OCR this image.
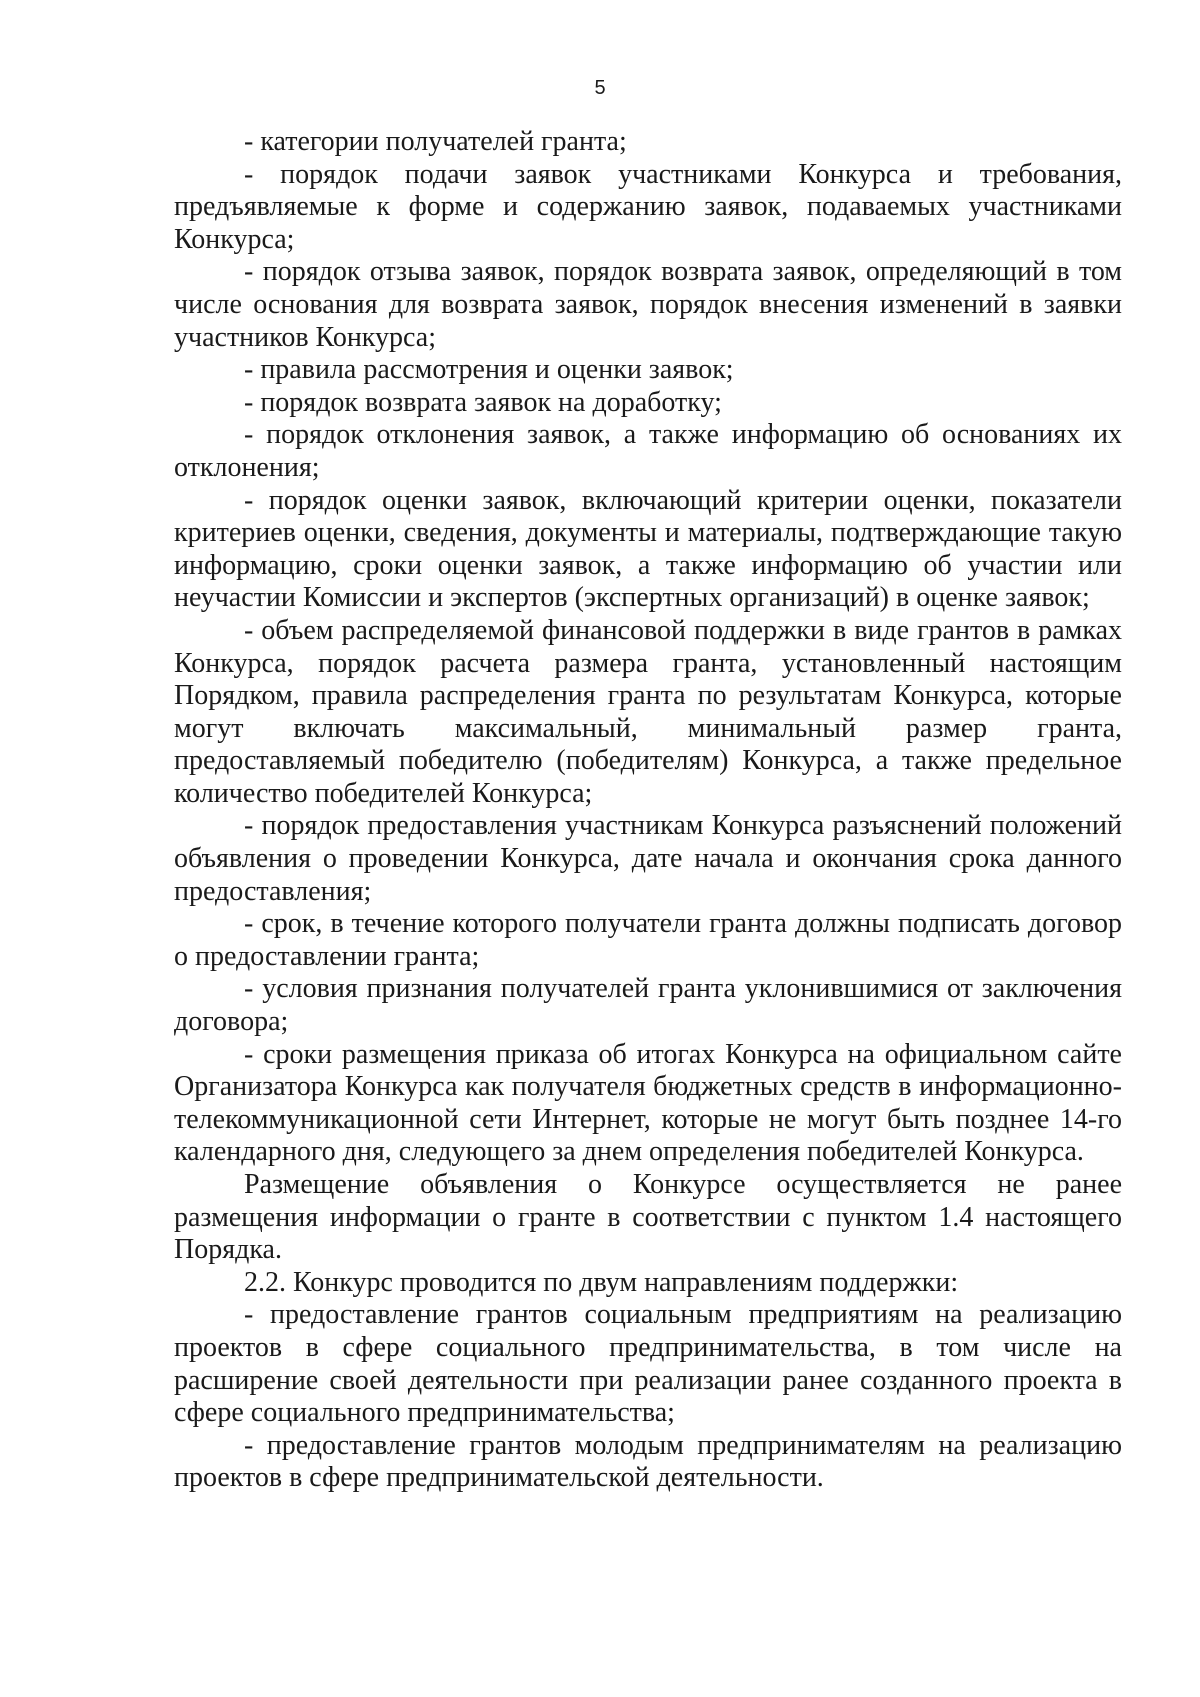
5

- категории получателей гранта;

- порядок подачи заявок участниками Конкурса и требования, предъявляемые к форме и содержанию заявок, подаваемых участниками Конкурса;

- порядок отзыва заявок, порядок возврата заявок, определяющий в том числе основания для возврата заявок, порядок внесения изменений в заявки участников Конкурса;

- правила рассмотрения и оценки заявок;

- порядок возврата заявок на доработку;

- порядок отклонения заявок, а также информацию об основаниях их отклонения;

- порядок оценки заявок, включающий критерии оценки, показатели критериев оценки, сведения, документы и материалы, подтверждающие такую информацию, сроки оценки заявок, а также информацию об участии или неучастии Комиссии и экспертов (экспертных организаций) в оценке заявок;

- объем распределяемой финансовой поддержки в виде грантов в рамках Конкурса, порядок расчета размера гранта, установленный настоящим Порядком, правила распределения гранта по результатам Конкурса, которые могут включать максимальный, минимальный размер гранта, предоставляемый победителю (победителям) Конкурса, а также предельное количество победителей Конкурса;

- порядок предоставления участникам Конкурса разъяснений положений объявления о проведении Конкурса, дате начала и окончания срока данного предоставления;

- срок, в течение которого получатели гранта должны подписать договор о предоставлении гранта;

- условия признания получателей гранта уклонившимися от заключения договора;

- сроки размещения приказа об итогах Конкурса на официальном сайте Организатора Конкурса как получателя бюджетных средств в информационно-телекоммуникационной сети Интернет, которые не могут быть позднее 14-го календарного дня, следующего за днем определения победителей Конкурса.

Размещение объявления о Конкурсе осуществляется не ранее размещения информации о гранте в соответствии с пунктом 1.4 настоящего Порядка.

2.2. Конкурс проводится по двум направлениям поддержки:

- предоставление грантов социальным предприятиям на реализацию проектов в сфере социального предпринимательства, в том числе на расширение своей деятельности при реализации ранее созданного проекта в сфере социального предпринимательства;

- предоставление грантов молодым предпринимателям на реализацию проектов в сфере предпринимательской деятельности.
